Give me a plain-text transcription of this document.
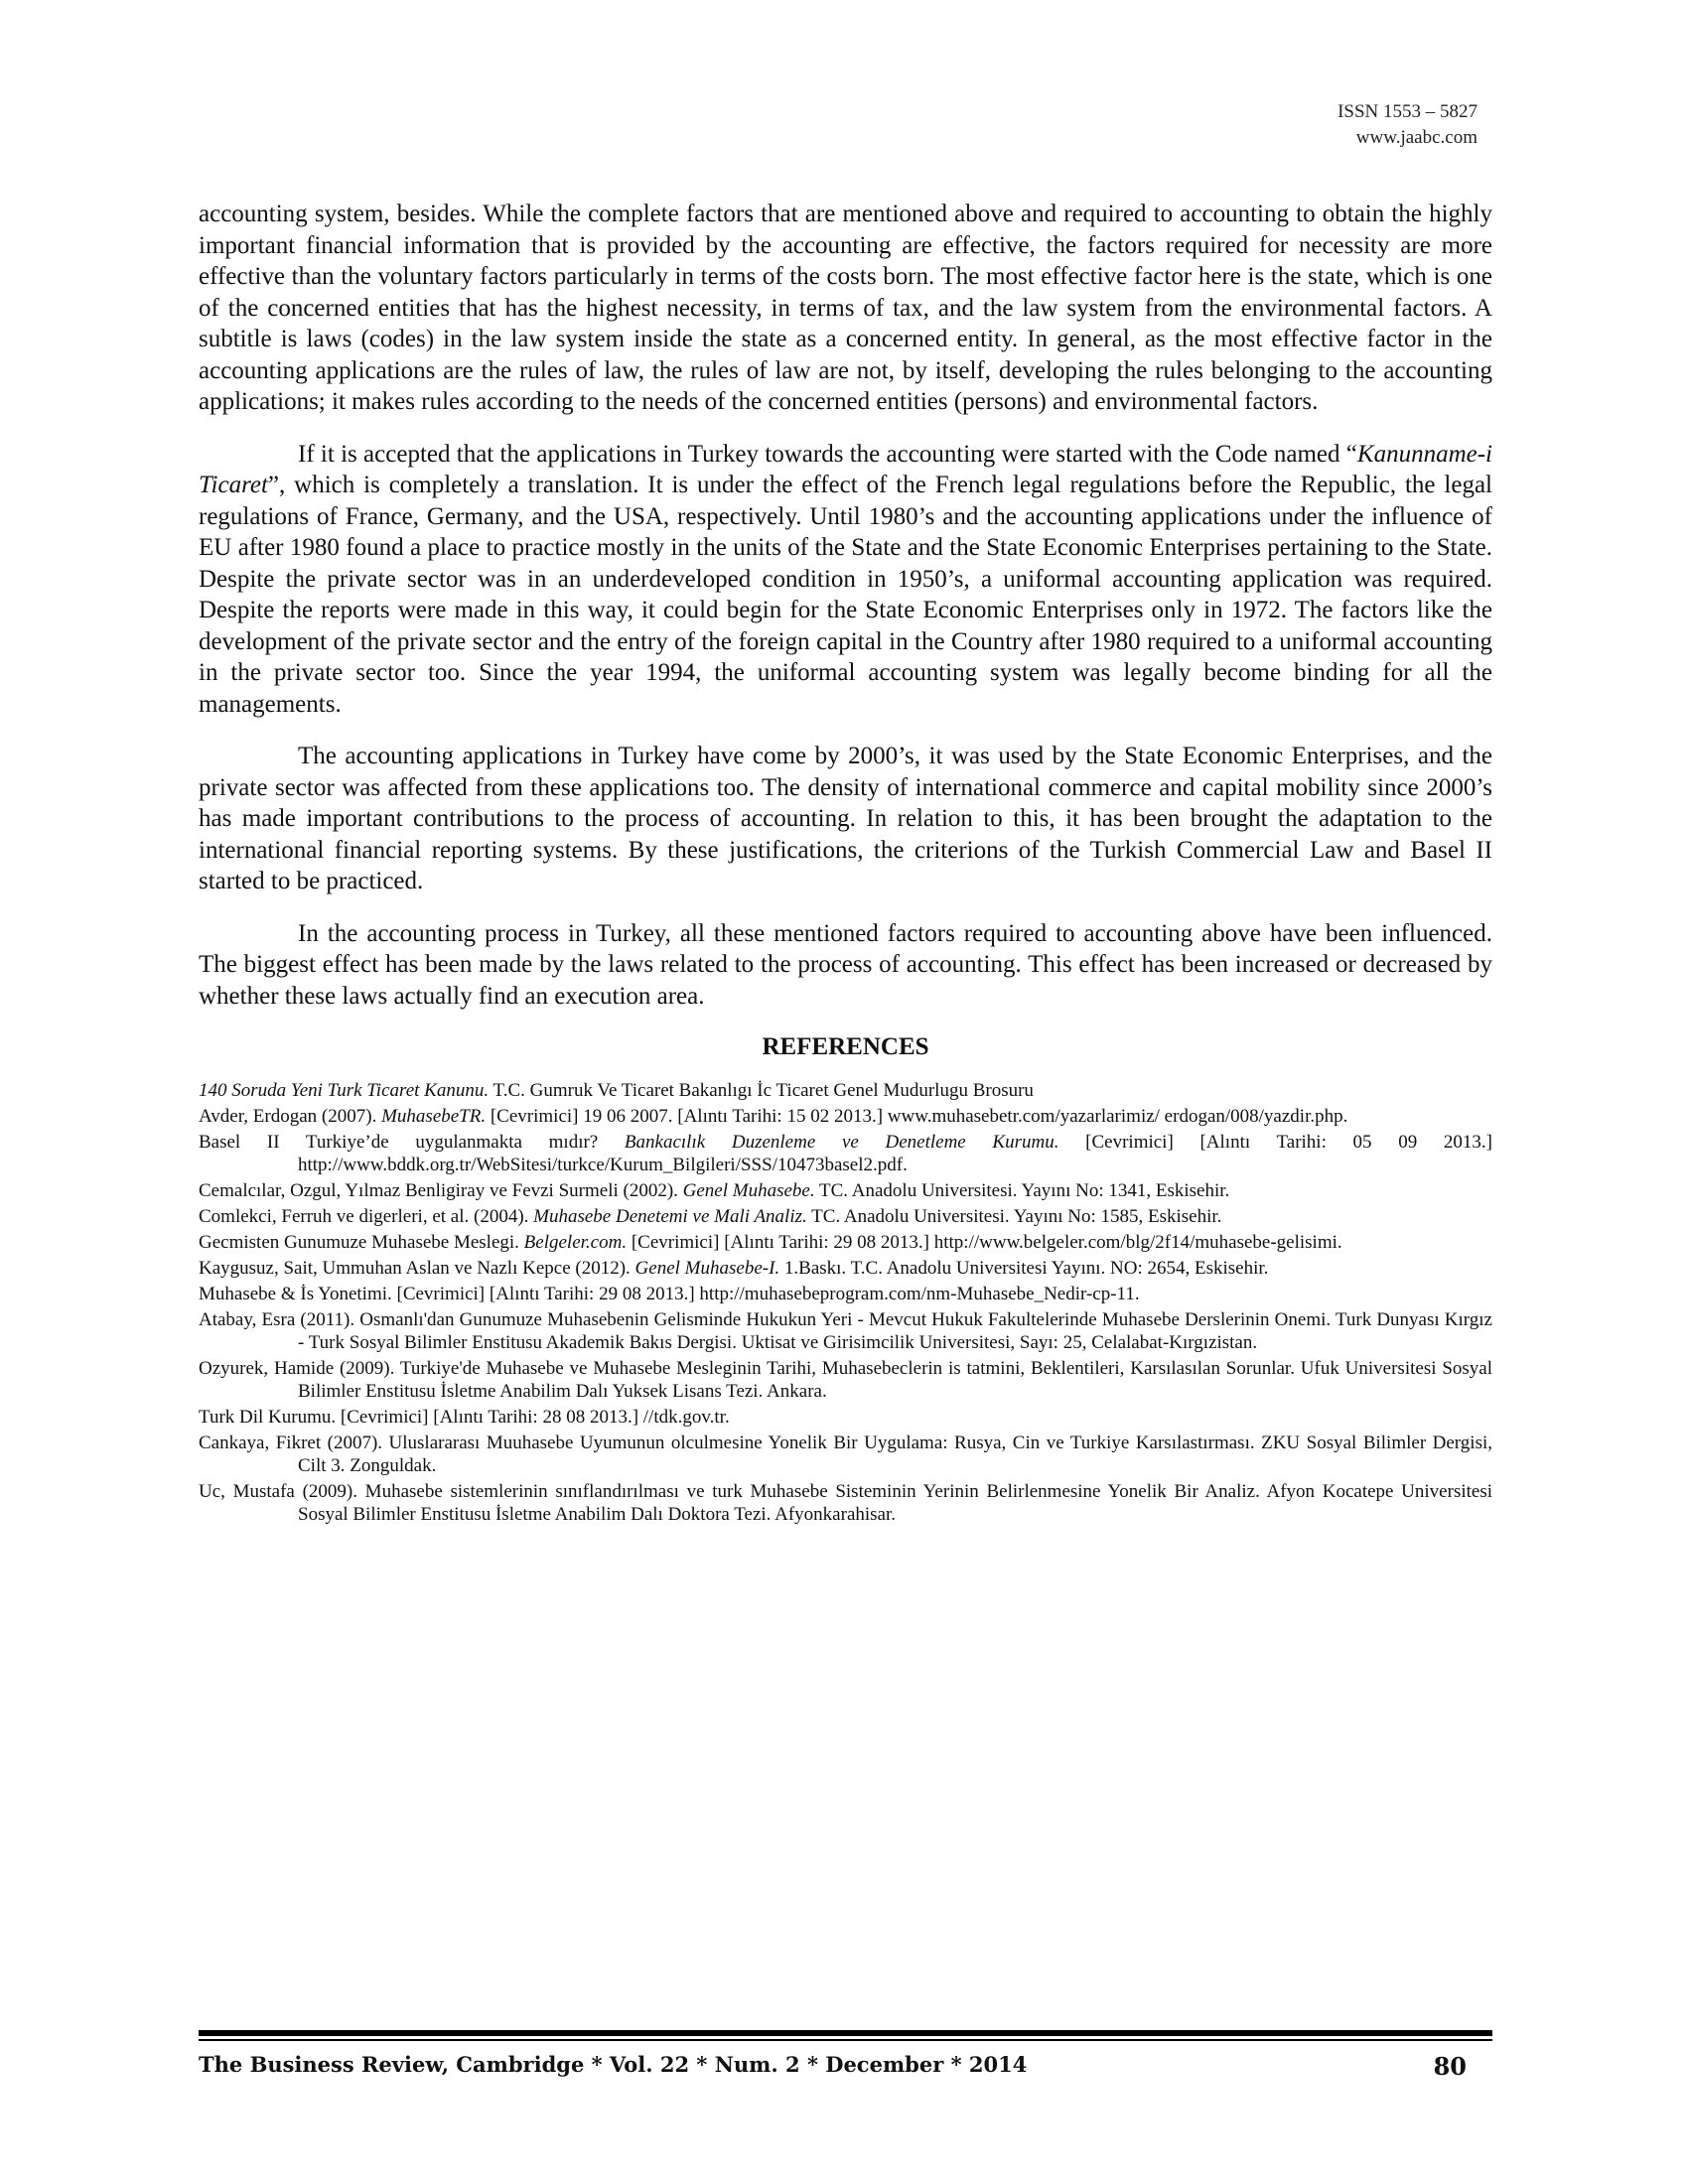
ISSN 1553 – 5827
www.jaabc.com

accounting system, besides. While the complete factors that are mentioned above and required to accounting to obtain the highly important financial information that is provided by the accounting are effective, the factors required for necessity are more effective than the voluntary factors particularly in terms of the costs born. The most effective factor here is the state, which is one of the concerned entities that has the highest necessity, in terms of tax, and the law system from the environmental factors. A subtitle is laws (codes) in the law system inside the state as a concerned entity. In general, as the most effective factor in the accounting applications are the rules of law, the rules of law are not, by itself, developing the rules belonging to the accounting applications; it makes rules according to the needs of the concerned entities (persons) and environmental factors.

If it is accepted that the applications in Turkey towards the accounting were started with the Code named “Kanunname-i Ticaret”, which is completely a translation. It is under the effect of the French legal regulations before the Republic, the legal regulations of France, Germany, and the USA, respectively. Until 1980’s and the accounting applications under the influence of EU after 1980 found a place to practice mostly in the units of the State and the State Economic Enterprises pertaining to the State. Despite the private sector was in an underdeveloped condition in 1950’s, a uniformal accounting application was required. Despite the reports were made in this way, it could begin for the State Economic Enterprises only in 1972. The factors like the development of the private sector and the entry of the foreign capital in the Country after 1980 required to a uniformal accounting in the private sector too. Since the year 1994, the uniformal accounting system was legally become binding for all the managements.

The accounting applications in Turkey have come by 2000’s, it was used by the State Economic Enterprises, and the private sector was affected from these applications too. The density of international commerce and capital mobility since 2000’s has made important contributions to the process of accounting. In relation to this, it has been brought the adaptation to the international financial reporting systems. By these justifications, the criterions of the Turkish Commercial Law and Basel II started to be practiced.

In the accounting process in Turkey, all these mentioned factors required to accounting above have been influenced. The biggest effect has been made by the laws related to the process of accounting. This effect has been increased or decreased by whether these laws actually find an execution area.

REFERENCES

140 Soruda Yeni Turk Ticaret Kanunu. T.C. Gumruk Ve Ticaret Bakanlıgı İc Ticaret Genel Mudurlugu Brosuru

Avder, Erdogan (2007). MuhasebeTR. [Cevrimici] 19 06 2007. [Alıntı Tarihi: 15 02 2013.] www.muhasebetr.com/yazarlarimiz/ erdogan/008/yazdir.php.

Basel II Turkiye’de uygulanmakta mıdır? Bankacılık Duzenleme ve Denetleme Kurumu. [Cevrimici] [Alıntı Tarihi: 05 09 2013.] http://www.bddk.org.tr/WebSitesi/turkce/Kurum_Bilgileri/SSS/10473basel2.pdf.

Cemalcılar, Ozgul, Yılmaz Benligiray ve Fevzi Surmeli (2002). Genel Muhasebe. TC. Anadolu Universitesi. Yayını No: 1341, Eskisehir.

Comlekci, Ferruh ve digerleri, et al. (2004). Muhasebe Denetemi ve Mali Analiz. TC. Anadolu Universitesi. Yayını No: 1585, Eskisehir.

Gecmisten Gunumuze Muhasebe Meslegi. Belgeler.com. [Cevrimici] [Alıntı Tarihi: 29 08 2013.] http://www.belgeler.com/blg/2f14/muhasebe-gelisimi.

Kaygusuz, Sait, Ummuhan Aslan ve Nazlı Kepce (2012). Genel Muhasebe-I. 1.Baskı. T.C. Anadolu Universitesi Yayını. NO: 2654, Eskisehir.

Muhasebe & İs Yonetimi. [Cevrimici] [Alıntı Tarihi: 29 08 2013.] http://muhasebeprogram.com/nm-Muhasebe_Nedir-cp-11.

Atabay, Esra (2011). Osmanlı'dan Gunumuze Muhasebenin Gelisminde Hukukun Yeri - Mevcut Hukuk Fakultelerinde Muhasebe Derslerinin Onemi. Turk Dunyası Kırgız - Turk Sosyal Bilimler Enstitusu Akademik Bakıs Dergisi. Uktisat ve Girisimcilik Universitesi, Sayı: 25, Celalabat-Kırgızistan.

Ozyurek, Hamide (2009). Turkiye'de Muhasebe ve Muhasebe Mesleginin Tarihi, Muhasebeclerin is tatmini, Beklentileri, Karsılasılan Sorunlar. Ufuk Universitesi Sosyal Bilimler Enstitusu İsletme Anabilim Dalı Yuksek Lisans Tezi. Ankara.

Turk Dil Kurumu. [Cevrimici] [Alıntı Tarihi: 28 08 2013.] //tdk.gov.tr.

Cankaya, Fikret (2007). Uluslararası Muuhasebe Uyumunun olculmesine Yonelik Bir Uygulama: Rusya, Cin ve Turkiye Karsılastırması. ZKU Sosyal Bilimler Dergisi, Cilt 3. Zonguldak.

Uc, Mustafa (2009). Muhasebe sistemlerinin sınıflandırılması ve turk Muhasebe Sisteminin Yerinin Belirlenmesine Yonelik Bir Analiz. Afyon Kocatepe Universitesi Sosyal Bilimler Enstitusu İsletme Anabilim Dalı Doktora Tezi. Afyonkarahisar.

The Business Review, Cambridge * Vol. 22 * Num. 2 * December * 2014	80
